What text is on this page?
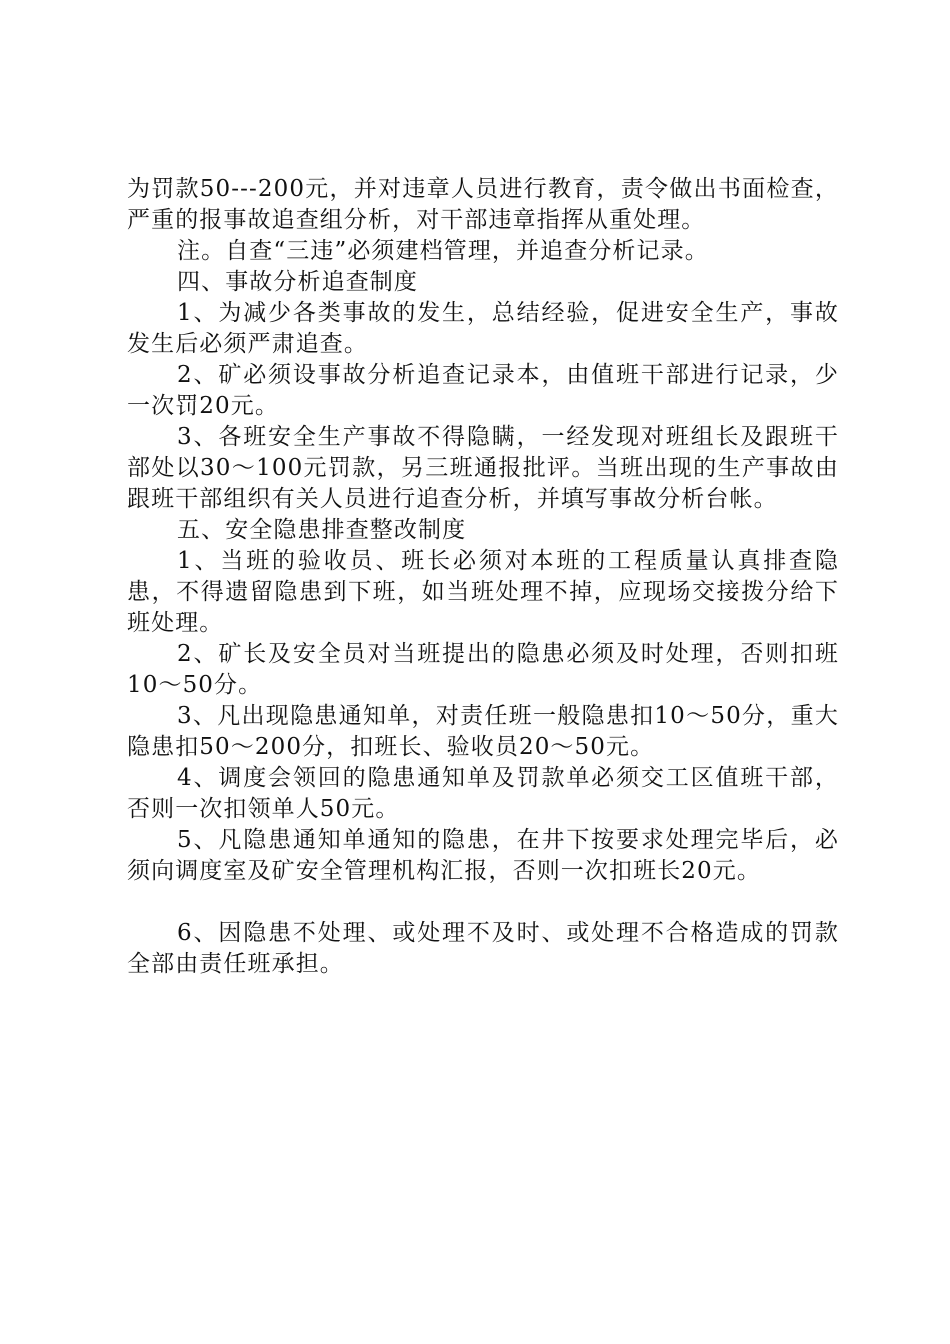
为罚款50---200元，并对违章人员进行教育，责令做出书面检查，严重的报事故追查组分析，对干部违章指挥从重处理。

注。自查“三违”必须建档管理，并追查分析记录。

四、事故分析追查制度

1、为减少各类事故的发生，总结经验，促进安全生产，事故发生后必须严肃追查。

2、矿必须设事故分析追查记录本，由值班干部进行记录，少一次罚20元。

3、各班安全生产事故不得隐瞒，一经发现对班组长及跟班干部处以30～100元罚款，另三班通报批评。当班出现的生产事故由跟班干部组织有关人员进行追查分析，并填写事故分析台帐。

五、安全隐患排查整改制度

1、当班的验收员、班长必须对本班的工程质量认真排查隐患，不得遗留隐患到下班，如当班处理不掉，应现场交接拨分给下班处理。

2、矿长及安全员对当班提出的隐患必须及时处理，否则扣班10～50分。

3、凡出现隐患通知单，对责任班一般隐患扣10～50分，重大隐患扣50～200分，扣班长、验收员20～50元。

4、调度会领回的隐患通知单及罚款单必须交工区值班干部，否则一次扣领单人50元。

5、凡隐患通知单通知的隐患，在井下按要求处理完毕后，必须向调度室及矿安全管理机构汇报，否则一次扣班长20元。

6、因隐患不处理、或处理不及时、或处理不合格造成的罚款全部由责任班承担。
